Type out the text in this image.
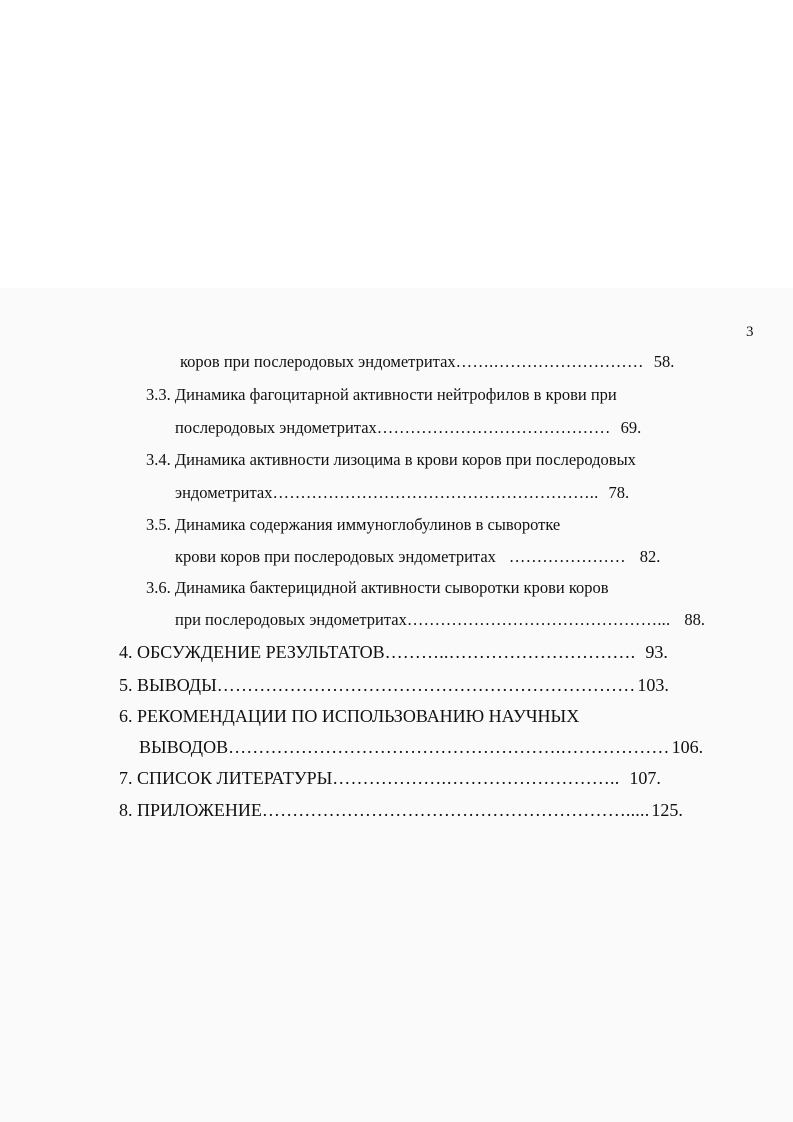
3
коров при послеродовых эндометритах…….……………………… 58.
3.3. Динамика фагоцитарной активности нейтрофилов в крови при
послеродовых эндометритах…………………………………… 69.
3.4. Динамика активности лизоцима в крови коров при послеродовых
эндометритах………………………………………………….. 78.
3.5. Динамика содержания иммуноглобулинов в сыворотке
крови коров при послеродовых эндометритах   ………………… 82.
3.6. Динамика бактерицидной активности сыворотки крови коров
при послеродовых эндометритах………………………………………... 88.
4. ОБСУЖДЕНИЕ РЕЗУЛЬТАТОВ………..…………………………. 93.
5. ВЫВОДЫ…………………………………………………………… 103.
6. РЕКОМЕНДАЦИИ ПО ИСПОЛЬЗОВАНИЮ НАУЧНЫХ
ВЫВОДОВ……………………………………………….……………… 106.
7. СПИСОК ЛИТЕРАТУРЫ……………….……………………….. 107.
8. ПРИЛОЖЕНИЕ……………………………………………………..... 125.
